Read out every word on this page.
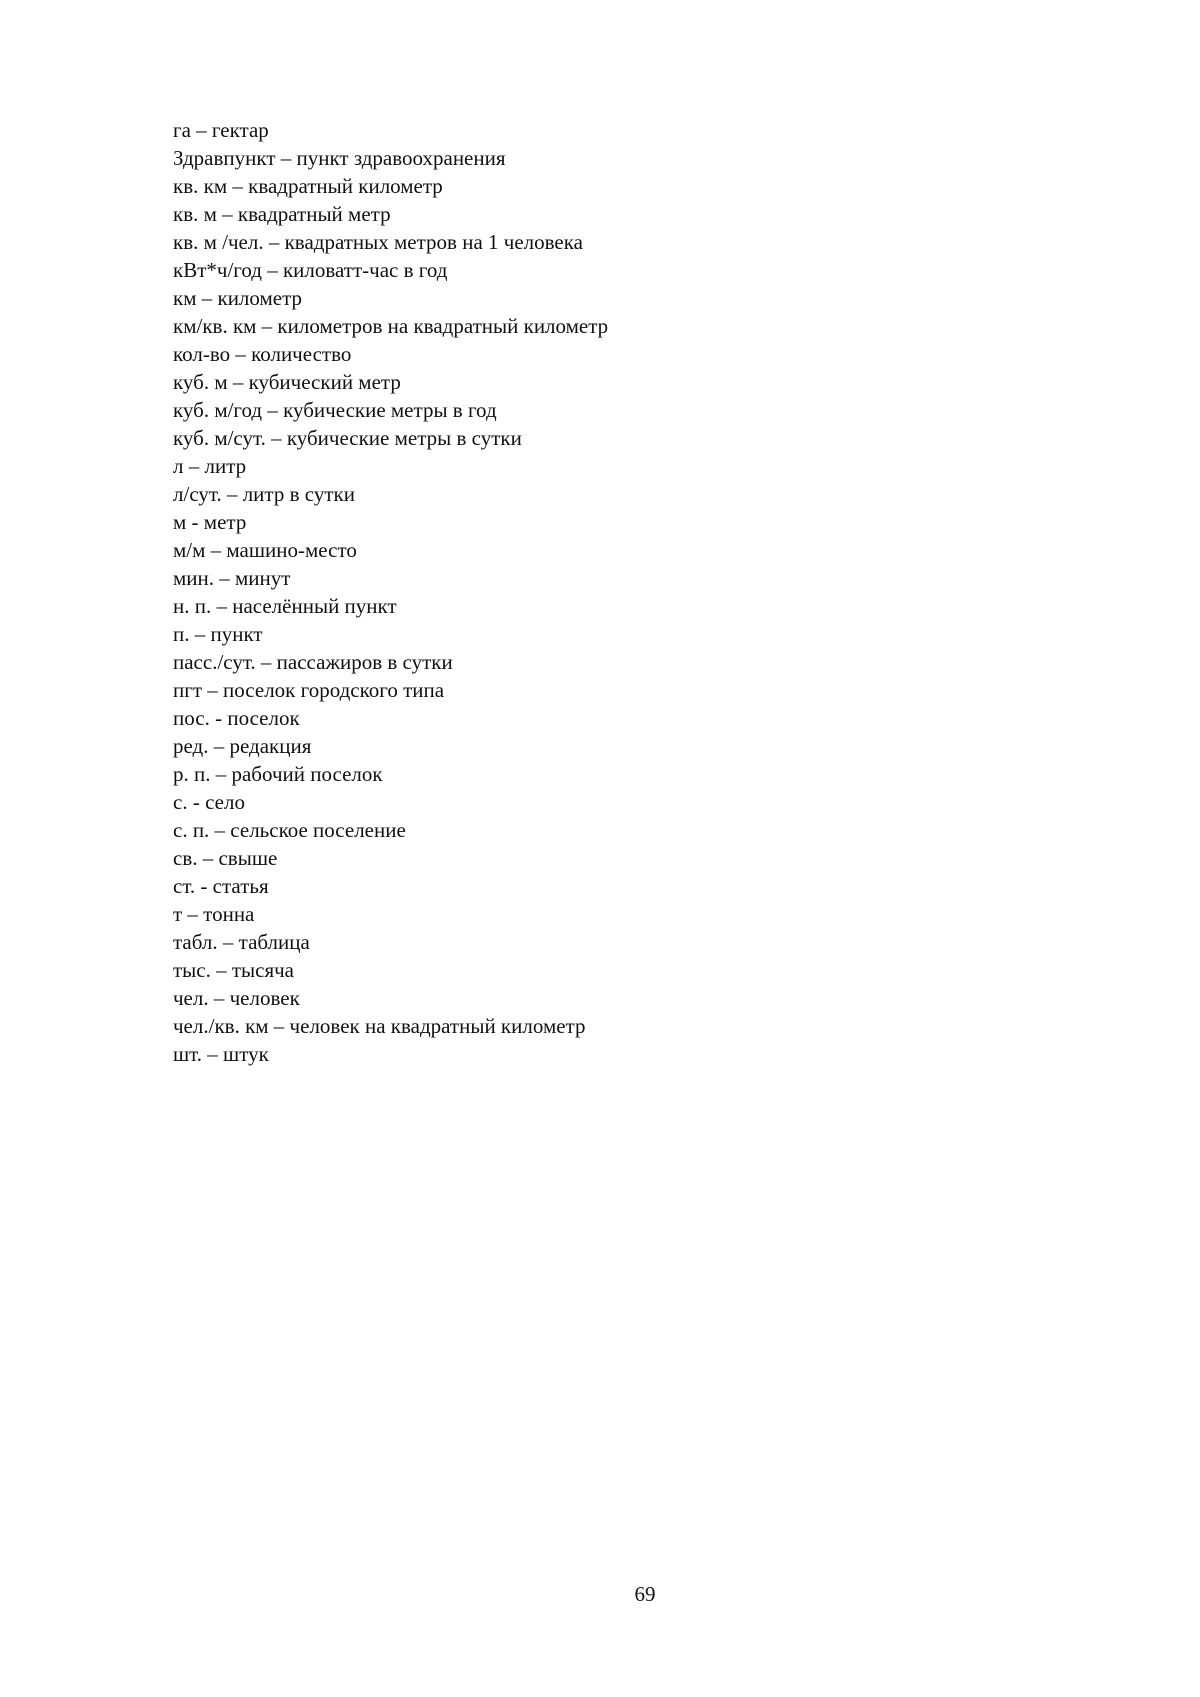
га – гектар
Здравпункт – пункт здравоохранения
кв. км – квадратный километр
кв. м – квадратный метр
кв. м /чел. – квадратных метров на 1 человека
кВт*ч/год – киловатт-час в год
км – километр
км/кв. км – километров на квадратный километр
кол-во – количество
куб. м – кубический метр
куб. м/год – кубические метры в год
куб. м/сут. – кубические метры в сутки
л – литр
л/сут. – литр в сутки
м - метр
м/м – машино-место
мин. – минут
н. п. – населённый пункт
п. – пункт
пасс./сут. – пассажиров в сутки
пгт – поселок городского типа
пос. - поселок
ред. – редакция
р. п. – рабочий поселок
с. - село
с. п. – сельское поселение
св. – свыше
ст. - статья
т – тонна
табл. – таблица
тыс. – тысяча
чел. – человек
чел./кв. км – человек на квадратный километр
шт. – штук
69
